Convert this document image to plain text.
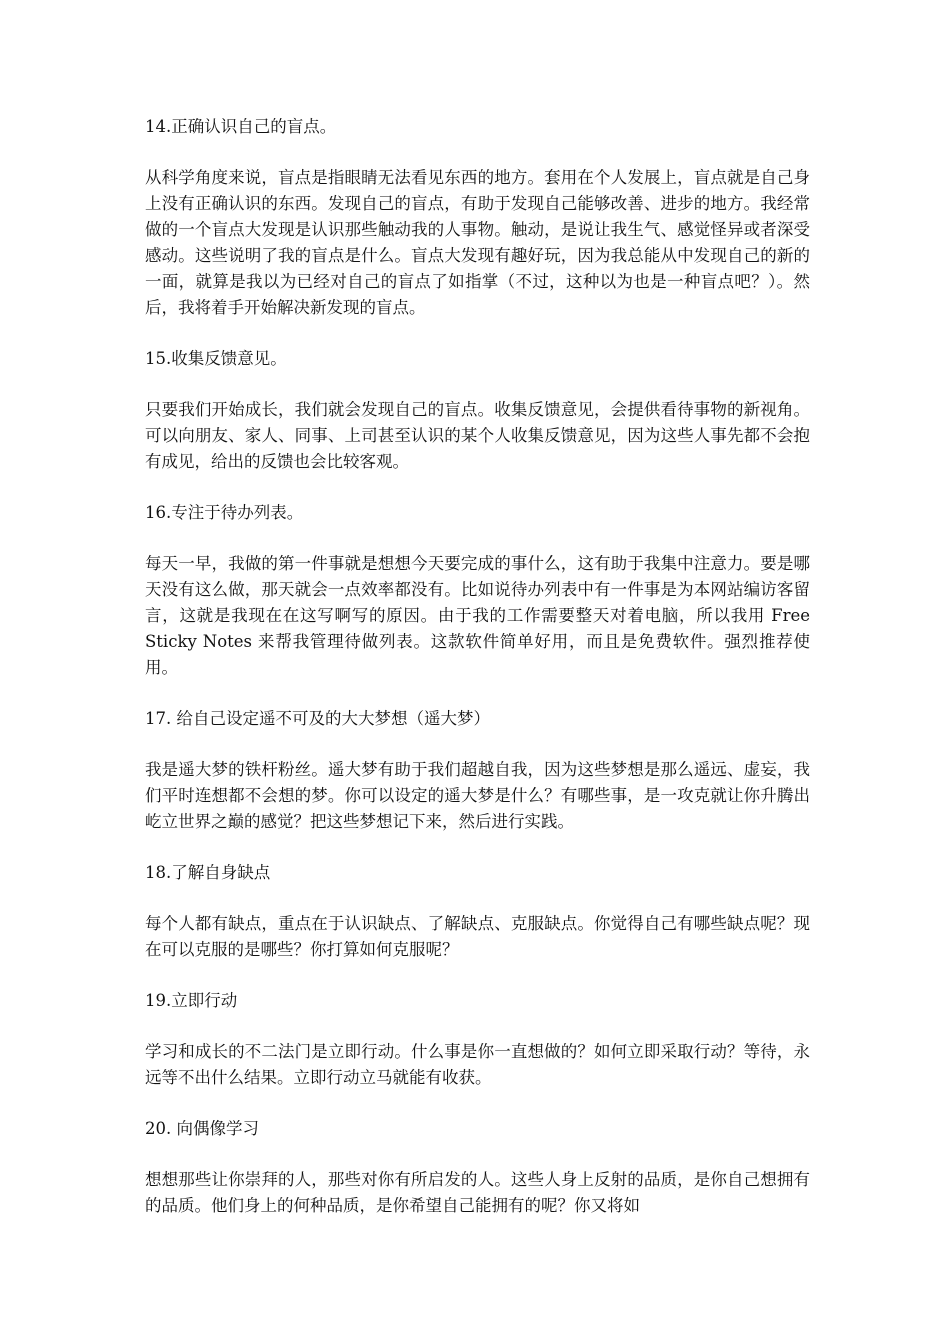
14.正确认识自己的盲点。

从科学角度来说，盲点是指眼睛无法看见东西的地方。套用在个人发展上，盲点就是自己身上没有正确认识的东西。发现自己的盲点，有助于发现自己能够改善、进步的地方。我经常做的一个盲点大发现是认识那些触动我的人事物。触动，是说让我生气、感觉怪异或者深受感动。这些说明了我的盲点是什么。盲点大发现有趣好玩，因为我总能从中发现自己的新的一面，就算是我以为已经对自己的盲点了如指掌（不过，这种以为也是一种盲点吧？）。然后，我将着手开始解决新发现的盲点。

15.收集反馈意见。

只要我们开始成长，我们就会发现自己的盲点。收集反馈意见，会提供看待事物的新视角。可以向朋友、家人、同事、上司甚至认识的某个人收集反馈意见，因为这些人事先都不会抱有成见，给出的反馈也会比较客观。

16.专注于待办列表。

每天一早，我做的第一件事就是想想今天要完成的事什么，这有助于我集中注意力。要是哪天没有这么做，那天就会一点效率都没有。比如说待办列表中有一件事是为本网站编访客留言，这就是我现在在这写啊写的原因。由于我的工作需要整天对着电脑，所以我用 Free Sticky Notes 来帮我管理待做列表。这款软件简单好用，而且是免费软件。强烈推荐使用。

17. 给自己设定遥不可及的大大梦想（遥大梦）

我是遥大梦的铁杆粉丝。遥大梦有助于我们超越自我，因为这些梦想是那么遥远、虚妄，我们平时连想都不会想的梦。你可以设定的遥大梦是什么？有哪些事，是一攻克就让你升腾出屹立世界之巅的感觉？把这些梦想记下来，然后进行实践。

18.了解自身缺点

每个人都有缺点，重点在于认识缺点、了解缺点、克服缺点。你觉得自己有哪些缺点呢？现在可以克服的是哪些？你打算如何克服呢？

19.立即行动

学习和成长的不二法门是立即行动。什么事是你一直想做的？如何立即采取行动？等待，永远等不出什么结果。立即行动立马就能有收获。

20. 向偶像学习

想想那些让你崇拜的人，那些对你有所启发的人。这些人身上反射的品质，是你自己想拥有的品质。他们身上的何种品质，是你希望自己能拥有的呢？你又将如
